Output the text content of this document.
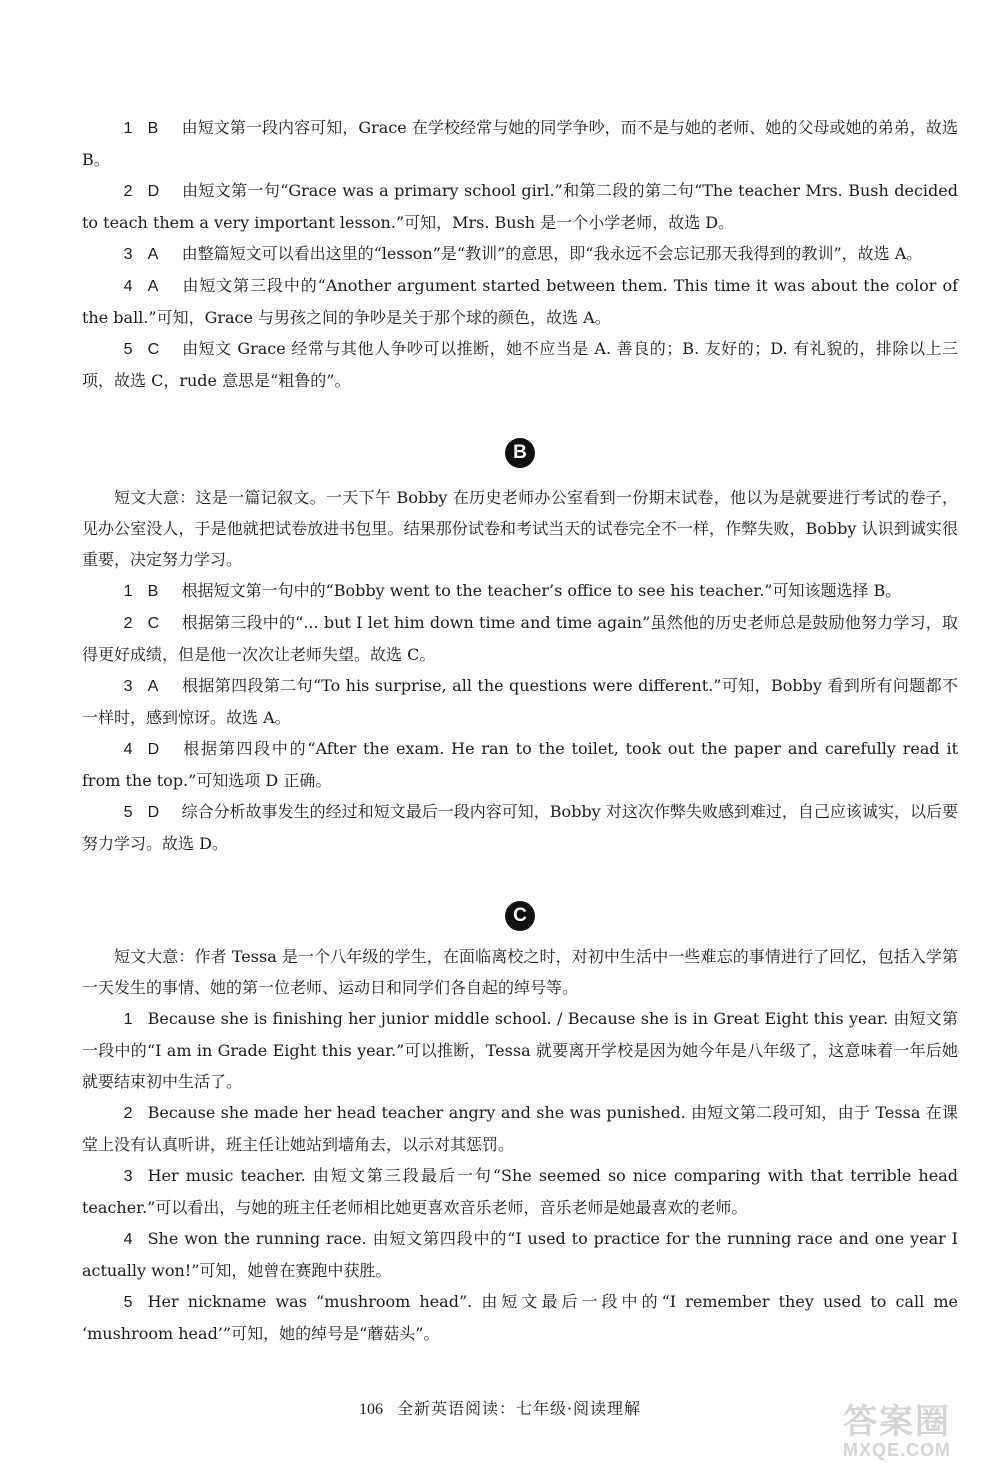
1 B 由短文第一段内容可知，Grace 在学校经常与她的同学争吵，而不是与她的老师、她的父母或她的弟弟，故选 B。

2 D 由短文第一句“Grace was a primary school girl.”和第二段的第二句“The teacher Mrs. Bush decided to teach them a very important lesson.”可知，Mrs. Bush 是一个小学老师，故选 D。

3 A 由整篇短文可以看出这里的“lesson”是“教训”的意思，即“我永远不会忘记那天我得到的教训”，故选 A。

4 A 由短文第三段中的“Another argument started between them. This time it was about the color of the ball.”可知，Grace 与男孩之间的争吵是关于那个球的颜色，故选 A。

5 C 由短文 Grace 经常与其他人争吵可以推断，她不应当是 A. 善良的；B. 友好的；D. 有礼貌的，排除以上三项，故选 C，rude 意思是“粗鲁的”。

B

短文大意：这是一篇记叙文。一天下午 Bobby 在历史老师办公室看到一份期末试卷，他以为是就要进行考试的卷子，见办公室没人，于是他就把试卷放进书包里。结果那份试卷和考试当天的试卷完全不一样，作弊失败，Bobby 认识到诚实很重要，决定努力学习。

1 B 根据短文第一句中的“Bobby went to the teacher’s office to see his teacher.”可知该题选择 B。

2 C 根据第三段中的“... but I let him down time and time again”虽然他的历史老师总是鼓励他努力学习，取得更好成绩，但是他一次次让老师失望。故选 C。

3 A 根据第四段第二句“To his surprise, all the questions were different.”可知，Bobby 看到所有问题都不一样时，感到惊讶。故选 A。

4 D 根据第四段中的“After the exam. He ran to the toilet, took out the paper and carefully read it from the top.”可知选项 D 正确。

5 D 综合分析故事发生的经过和短文最后一段内容可知，Bobby 对这次作弊失败感到难过，自己应该诚实，以后要努力学习。故选 D。

C

短文大意：作者 Tessa 是一个八年级的学生，在面临离校之时，对初中生活中一些难忘的事情进行了回忆，包括入学第一天发生的事情、她的第一位老师、运动日和同学们各自起的绰号等。

1 Because she is finishing her junior middle school. / Because she is in Great Eight this year. 由短文第一段中的“I am in Grade Eight this year.”可以推断，Tessa 就要离开学校是因为她今年是八年级了，这意味着一年后她就要结束初中生活了。

2 Because she made her head teacher angry and she was punished. 由短文第二段可知，由于 Tessa 在课堂上没有认真听讲，班主任让她站到墙角去，以示对其惩罚。

3 Her music teacher. 由短文第三段最后一句“She seemed so nice comparing with that terrible head teacher.”可以看出，与她的班主任老师相比她更喜欢音乐老师，音乐老师是她最喜欢的老师。

4 She won the running race. 由短文第四段中的“I used to practice for the running race and one year I actually won!”可知，她曾在赛跑中获胜。

5 Her nickname was “mushroom head”. 由短文最后一段中的“I remember they used to call me ‘mushroom head’”可知，她的绰号是“蘑菇头”。

106 全新英语阅读：七年级·阅读理解	答案圈
MXQE.COM
